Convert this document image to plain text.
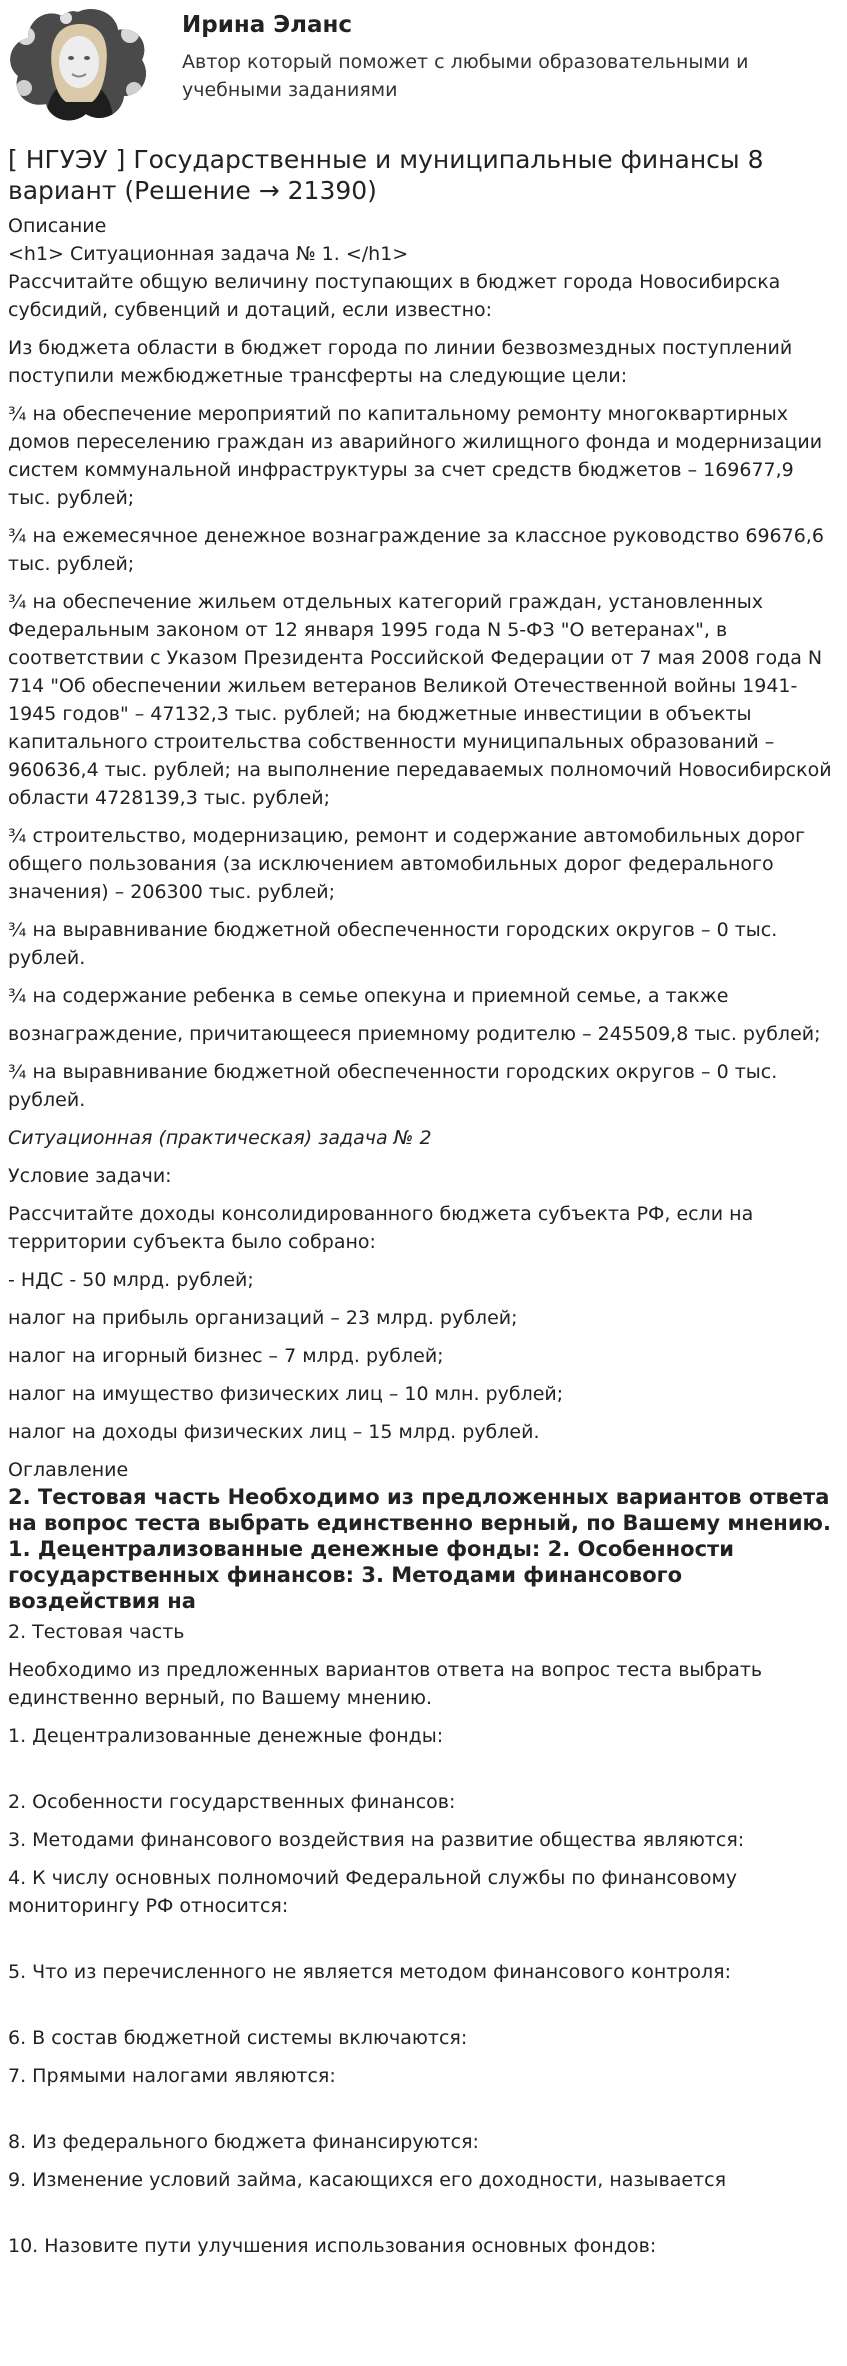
Ирина Эланс
Автор который поможет с любыми образовательными и учебными заданиями
[ НГУЭУ ] Государственные и муниципальные финансы 8 вариант (Решение → 21390)
Описание
<h1> Ситуационная задача № 1. </h1>
Рассчитайте общую величину поступающих в бюджет города Новосибирска субсидий, субвенций и дотаций, если известно:
Из бюджета области в бюджет города по линии безвозмездных поступлений поступили межбюджетные трансферты на следующие цели:
¾ на обеспечение мероприятий по капитальному ремонту многоквартирных домов переселению граждан из аварийного жилищного фонда и модернизации систем коммунальной инфраструктуры за счет средств бюджетов – 169677,9 тыс. рублей;
¾ на ежемесячное денежное вознаграждение за классное руководство 69676,6 тыс. рублей;
¾ на обеспечение жильем отдельных категорий граждан, установленных Федеральным законом от 12 января 1995 года N 5-ФЗ "О ветеранах", в соответствии с Указом Президента Российской Федерации от 7 мая 2008 года N 714 "Об обеспечении жильем ветеранов Великой Отечественной войны 1941-1945 годов" – 47132,3 тыс. рублей; на бюджетные инвестиции в объекты капитального строительства собственности муниципальных образований – 960636,4 тыс. рублей; на выполнение передаваемых полномочий Новосибирской области 4728139,3 тыс. рублей;
¾ строительство, модернизацию, ремонт и содержание автомобильных дорог общего пользования (за исключением автомобильных дорог федерального значения) – 206300 тыс. рублей;
¾ на выравнивание бюджетной обеспеченности городских округов – 0 тыс. рублей.
¾ на содержание ребенка в семье опекуна и приемной семье, а также
вознаграждение, причитающееся приемному родителю – 245509,8 тыс. рублей;
¾ на выравнивание бюджетной обеспеченности городских округов – 0 тыс. рублей.
Ситуационная (практическая) задача № 2
Условие задачи:
Рассчитайте доходы консолидированного бюджета субъекта РФ, если на территории субъекта было собрано:
- НДС - 50 млрд. рублей;
налог на прибыль организаций – 23 млрд. рублей;
налог на игорный бизнес – 7 млрд. рублей;
налог на имущество физических лиц – 10 млн. рублей;
налог на доходы физических лиц – 15 млрд. рублей.
Оглавление
2. Тестовая часть Необходимо из предложенных вариантов ответа на вопрос теста выбрать единственно верный, по Вашему мнению. 1. Децентрализованные денежные фонды: 2. Особенности государственных финансов: 3. Методами финансового воздействия на
2. Тестовая часть
Необходимо из предложенных вариантов ответа на вопрос теста выбрать единственно верный, по Вашему мнению.
1. Децентрализованные денежные фонды:
2. Особенности государственных финансов:
3. Методами финансового воздействия на развитие общества являются:
4. К числу основных полномочий Федеральной службы по финансовому мониторингу РФ относится:
5. Что из перечисленного не является методом финансового контроля:
6. В состав бюджетной системы включаются:
7. Прямыми налогами являются:
8. Из федерального бюджета финансируются:
9. Изменение условий займа, касающихся его доходности, называется
10. Назовите пути улучшения использования основных фондов:
